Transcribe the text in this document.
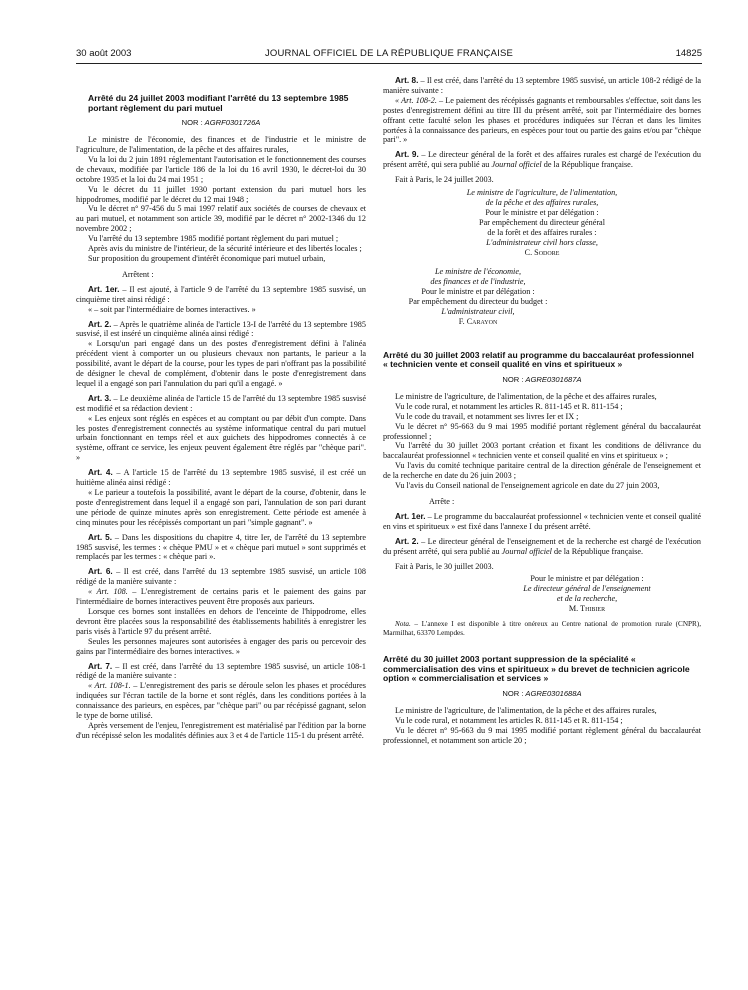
30 août 2003	JOURNAL OFFICIEL DE LA RÉPUBLIQUE FRANÇAISE	14825

Arrêté du 24 juillet 2003 modifiant l'arrêté du 13 septembre 1985 portant règlement du pari mutuel

NOR : AGRF0301726A

Le ministre de l'économie, des finances et de l'industrie et le ministre de l'agriculture, de l'alimentation, de la pêche et des affaires rurales,

Vu la loi du 2 juin 1891 réglementant l'autorisation et le fonctionnement des courses de chevaux, modifiée par l'article 186 de la loi du 16 avril 1930, le décret-loi du 30 octobre 1935 et la loi du 24 mai 1951 ;

Vu le décret du 11 juillet 1930 portant extension du pari mutuel hors les hippodromes, modifié par le décret du 12 mai 1948 ;

Vu le décret n° 97-456 du 5 mai 1997 relatif aux sociétés de courses de chevaux et au pari mutuel, et notamment son article 39, modifié par le décret n° 2002-1346 du 12 novembre 2002 ;

Vu l'arrêté du 13 septembre 1985 modifié portant règlement du pari mutuel ;

Après avis du ministre de l'intérieur, de la sécurité intérieure et des libertés locales ;

Sur proposition du groupement d'intérêt économique pari mutuel urbain,

Arrêtent :

Art. 1er. – Il est ajouté, à l'article 9 de l'arrêté du 13 septembre 1985 susvisé, un cinquième tiret ainsi rédigé :

« – soit par l'intermédiaire de bornes interactives. »

Art. 2. – Après le quatrième alinéa de l'article 13-I de l'arrêté du 13 septembre 1985 susvisé, il est inséré un cinquième alinéa ainsi rédigé :

« Lorsqu'un pari engagé dans un des postes d'enregistrement défini à l'alinéa précédent vient à comporter un ou plusieurs chevaux non partants, le parieur a la possibilité, avant le départ de la course, pour les types de pari n'offrant pas la possibilité de désigner le cheval de complément, d'obtenir dans le poste d'enregistrement dans lequel il a engagé son pari l'annulation du pari qu'il a engagé. »

Art. 3. – Le deuxième alinéa de l'article 15 de l'arrêté du 13 septembre 1985 susvisé est modifié et sa rédaction devient :

« Les enjeux sont réglés en espèces et au comptant ou par débit d'un compte. Dans les postes d'enregistrement connectés au système informatique central du pari mutuel urbain fonctionnant en temps réel et aux guichets des hippodromes connectés à ce système, offrant ce service, les enjeux peuvent également être réglés par "chèque pari". »

Art. 4. – A l'article 15 de l'arrêté du 13 septembre 1985 susvisé, il est créé un huitième alinéa ainsi rédigé :

« Le parieur a toutefois la possibilité, avant le départ de la course, d'obtenir, dans le poste d'enregistrement dans lequel il a engagé son pari, l'annulation de son pari durant une période de quinze minutes après son enregistrement. Cette période est amenée à cinq minutes pour les récépissés comportant un pari "simple gagnant". »

Art. 5. – Dans les dispositions du chapitre 4, titre Ier, de l'arrêté du 13 septembre 1985 susvisé, les termes : « chèque PMU » et « chèque pari mutuel » sont supprimés et remplacés par les termes : « chèque pari ».

Art. 6. – Il est créé, dans l'arrêté du 13 septembre 1985 susvisé, un article 108 rédigé de la manière suivante :

« Art. 108. – L'enregistrement de certains paris et le paiement des gains par l'intermédiaire de bornes interactives peuvent être proposés aux parieurs.

Lorsque ces bornes sont installées en dehors de l'enceinte de l'hippodrome, elles devront être placées sous la responsabilité des établissements habilités à enregistrer les paris visés à l'article 97 du présent arrêté.

Seules les personnes majeures sont autorisées à engager des paris ou percevoir des gains par l'intermédiaire des bornes interactives. »

Art. 7. – Il est créé, dans l'arrêté du 13 septembre 1985 susvisé, un article 108-1 rédigé de la manière suivante :

« Art. 108-1. – L'enregistrement des paris se déroule selon les phases et procédures indiquées sur l'écran tactile de la borne et sont réglés, dans les conditions portées à la connaissance des parieurs, en espèces, par "chèque pari" ou par récépissé gagnant, selon le type de borne utilisé.

Après versement de l'enjeu, l'enregistrement est matérialisé par l'édition par la borne d'un récépissé selon les modalités définies aux 3 et 4 de l'article 115-1 du présent arrêté.

Art. 8. – Il est créé, dans l'arrêté du 13 septembre 1985 susvisé, un article 108-2 rédigé de la manière suivante :

« Art. 108-2. – Le paiement des récépissés gagnants et remboursables s'effectue, soit dans les postes d'enregistrement défini au titre III du présent arrêté, soit par l'intermédiaire des bornes offrant cette faculté selon les phases et procédures indiquées sur l'écran et dans les limites portées à la connaissance des parieurs, en espèces pour tout ou partie des gains et/ou par "chèque pari". »

Art. 9. – Le directeur général de la forêt et des affaires rurales est chargé de l'exécution du présent arrêté, qui sera publié au Journal officiel de la République française.

Fait à Paris, le 24 juillet 2003.

Le ministre de l'agriculture, de l'alimentation,

de la pêche et des affaires rurales,

Pour le ministre et par délégation :

Par empêchement du directeur général

de la forêt et des affaires rurales :

L'administrateur civil hors classe,

C. Sodore

Le ministre de l'économie,

des finances et de l'industrie,

Pour le ministre et par délégation :

Par empêchement du directeur du budget :

L'administrateur civil,

F. Carayon

Arrêté du 30 juillet 2003 relatif au programme du baccalauréat professionnel « technicien vente et conseil qualité en vins et spiritueux »

NOR : AGRE0301687A

Le ministre de l'agriculture, de l'alimentation, de la pêche et des affaires rurales,

Vu le code rural, et notamment les articles R. 811-145 et R. 811-154 ;

Vu le code du travail, et notamment ses livres Ier et IX ;

Vu le décret n° 95-663 du 9 mai 1995 modifié portant règlement général du baccalauréat professionnel ;

Vu l'arrêté du 30 juillet 2003 portant création et fixant les conditions de délivrance du baccalauréat professionnel « technicien vente et conseil qualité en vins et spiritueux » ;

Vu l'avis du comité technique paritaire central de la direction générale de l'enseignement et de la recherche en date du 26 juin 2003 ;

Vu l'avis du Conseil national de l'enseignement agricole en date du 27 juin 2003,

Arrête :

Art. 1er. – Le programme du baccalauréat professionnel « technicien vente et conseil qualité en vins et spiritueux » est fixé dans l'annexe I du présent arrêté.

Art. 2. – Le directeur général de l'enseignement et de la recherche est chargé de l'exécution du présent arrêté, qui sera publié au Journal officiel de la République française.

Fait à Paris, le 30 juillet 2003.

Pour le ministre et par délégation :

Le directeur général de l'enseignement

et de la recherche,

M. Thibier

Nota. – L'annexe I est disponible à titre onéreux au Centre national de promotion rurale (CNPR), Marmilhat, 63370 Lempdes.

Arrêté du 30 juillet 2003 portant suppression de la spécialité « commercialisation des vins et spiritueux » du brevet de technicien agricole option « commercialisation et services »

NOR : AGRE0301688A

Le ministre de l'agriculture, de l'alimentation, de la pêche et des affaires rurales,

Vu le code rural, et notamment les articles R. 811-145 et R. 811-154 ;

Vu le décret n° 95-663 du 9 mai 1995 modifié portant règlement général du baccalauréat professionnel, et notamment son article 20 ;
